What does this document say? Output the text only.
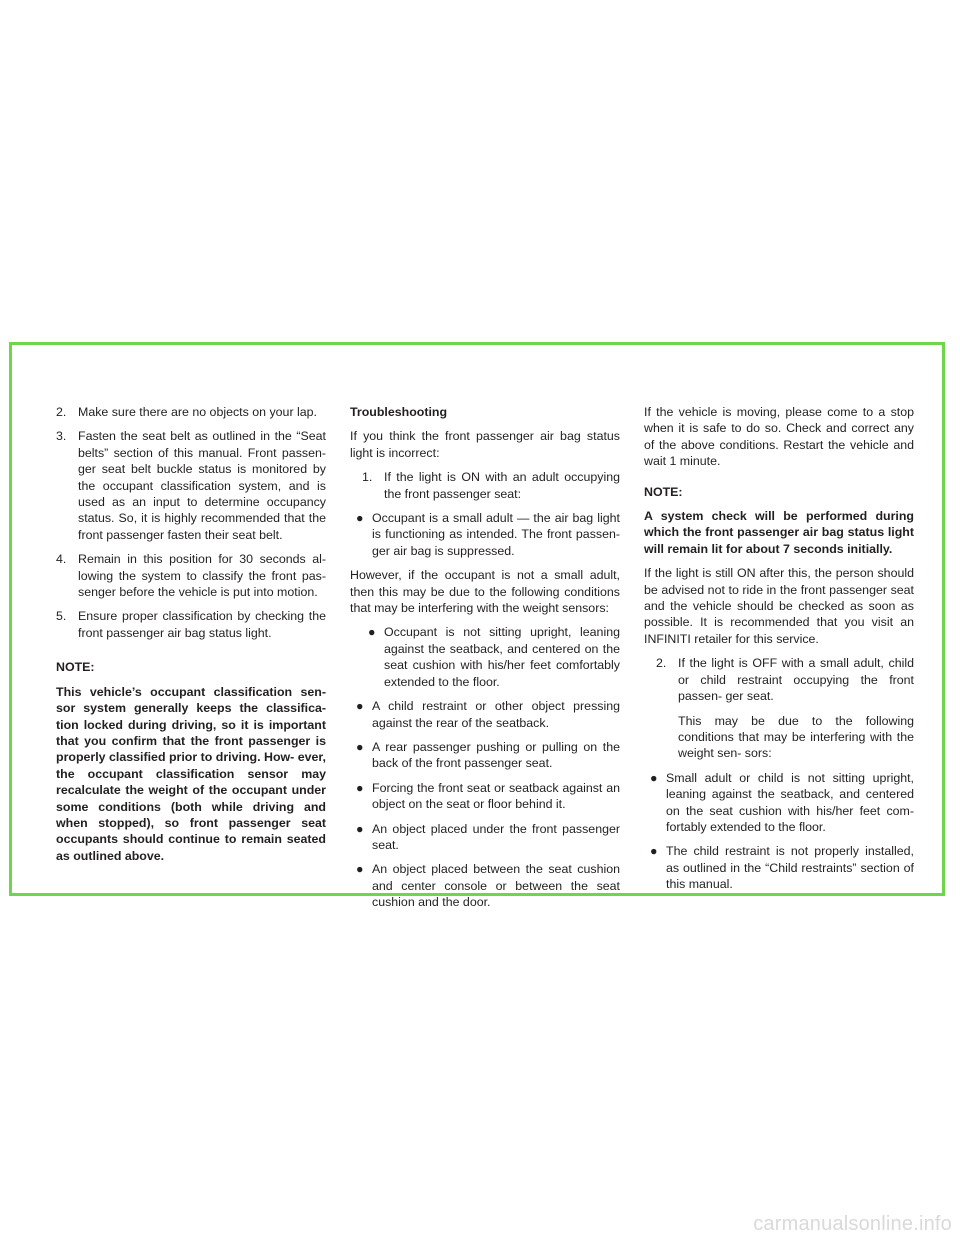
2. Make sure there are no objects on your lap.
3. Fasten the seat belt as outlined in the “Seat belts” section of this manual. Front passen- ger seat belt buckle status is monitored by the occupant classification system, and is used as an input to determine occupancy status. So, it is highly recommended that the front passenger fasten their seat belt.
4. Remain in this position for 30 seconds al- lowing the system to classify the front pas- senger before the vehicle is put into motion.
5. Ensure proper classification by checking the front passenger air bag status light.
NOTE:
This vehicle’s occupant classification sen- sor system generally keeps the classifica- tion locked during driving, so it is important that you confirm that the front passenger is properly classified prior to driving. How- ever, the occupant classification sensor may recalculate the weight of the occupant under some conditions (both while driving and when stopped), so front passenger seat occupants should continue to remain seated as outlined above.
Troubleshooting

If you think the front passenger air bag status light is incorrect:

1. If the light is ON with an adult occupying the front passenger seat:
● Occupant is a small adult — the air bag light is functioning as intended. The front passen- ger air bag is suppressed.

However, if the occupant is not a small adult, then this may be due to the following conditions that may be interfering with the weight sensors:

● Occupant is not sitting upright, leaning against the seatback, and centered on the seat cushion with his/her feet comfortably extended to the floor.
● A child restraint or other object pressing against the rear of the seatback.
● A rear passenger pushing or pulling on the back of the front passenger seat.
● Forcing the front seat or seatback against an object on the seat or floor behind it.
● An object placed under the front passenger seat.
● An object placed between the seat cushion and center console or between the seat cushion and the door.

If the vehicle is moving, please come to a stop when it is safe to do so. Check and correct any of the above conditions. Restart the vehicle and wait 1 minute.

NOTE:
A system check will be performed during which the front passenger air bag status light will remain lit for about 7 seconds initially.

If the light is still ON after this, the person should be advised not to ride in the front passenger seat and the vehicle should be checked as soon as possible. It is recommended that you visit an INFINITI retailer for this service.

2. If the light is OFF with a small adult, child or child restraint occupying the front passen- ger seat.
This may be due to the following conditions that may be interfering with the weight sen- sors:
● Small adult or child is not sitting upright, leaning against the seatback, and centered on the seat cushion with his/her feet com- fortably extended to the floor.
● The child restraint is not properly installed, as outlined in the “Child restraints” section of this manual.
carmanualsonline.info
